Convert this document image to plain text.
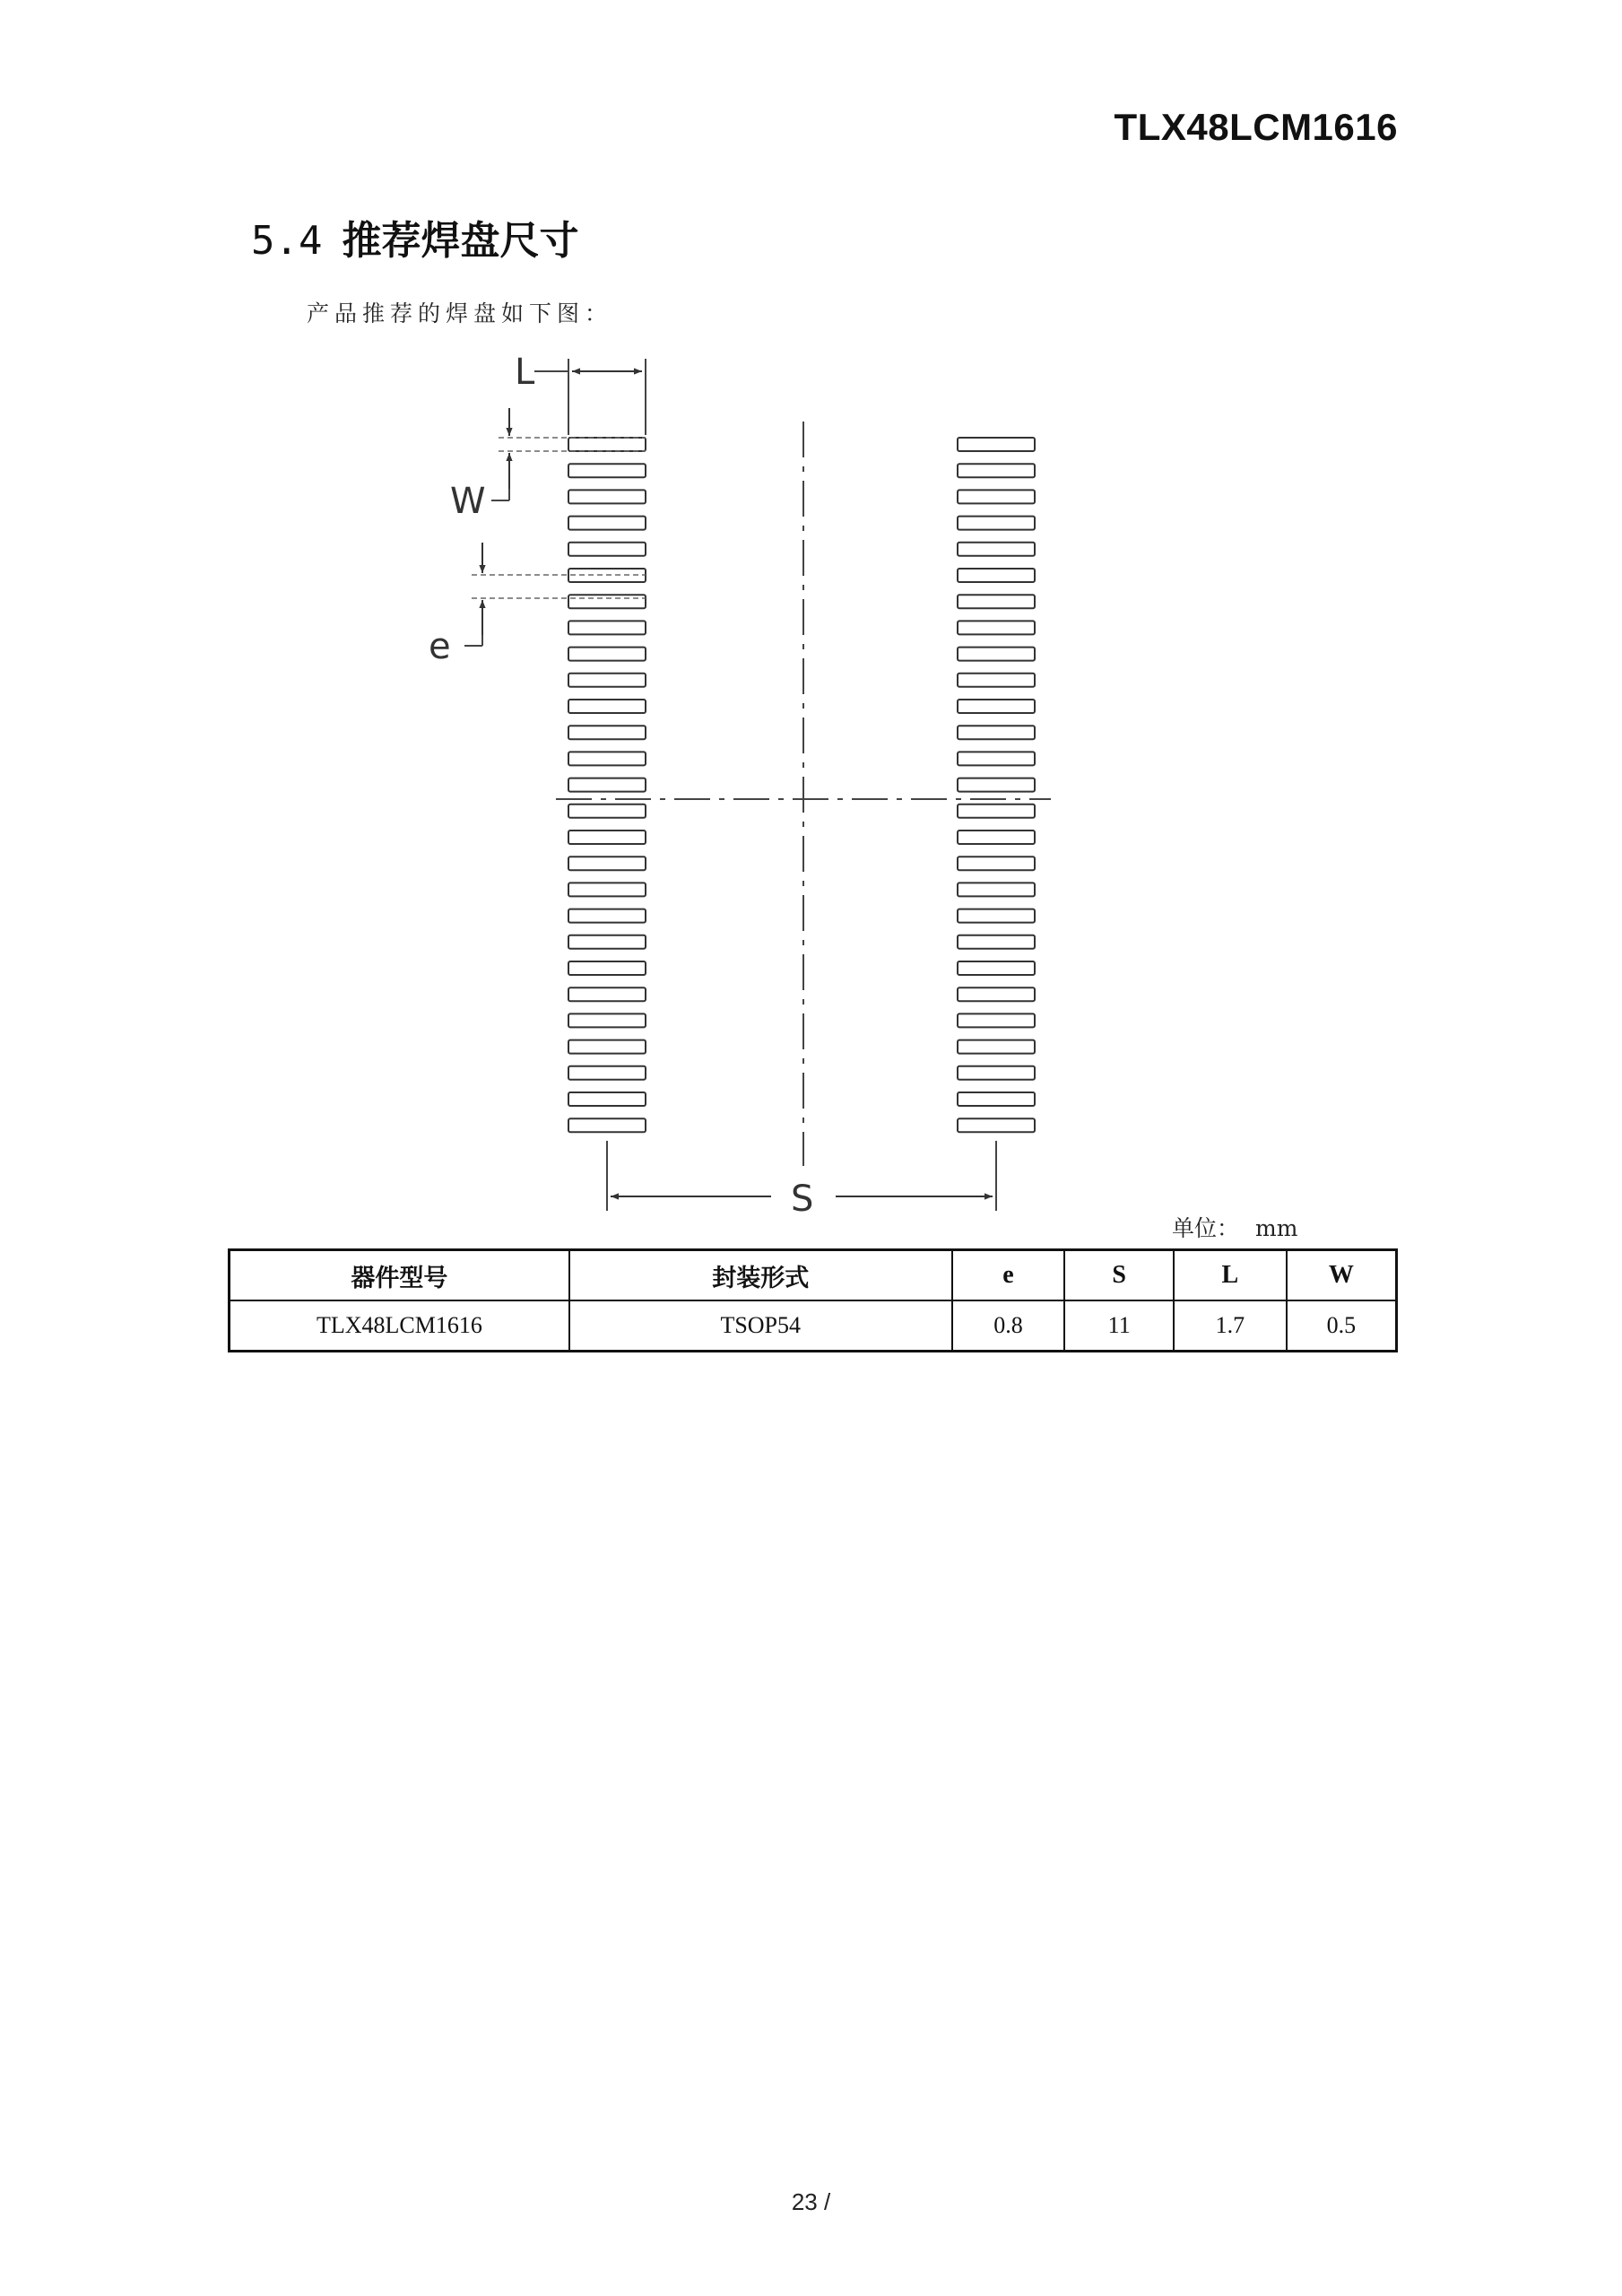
TLX48LCM1616
5.4 推荐焊盘尺寸
产品推荐的焊盘如下图：
L
W
e
S
单位： mm
器件型号	封装形式	e	S	L	W
TLX48LCM1616	TSOP54	0.8	11	1.7	0.5
23 /
